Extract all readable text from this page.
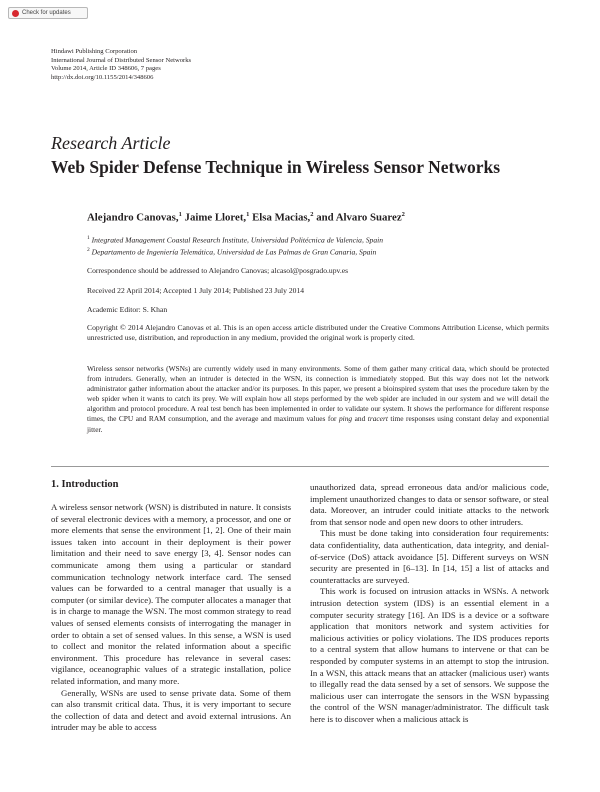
Check for updates
Hindawi Publishing Corporation
International Journal of Distributed Sensor Networks
Volume 2014, Article ID 348606, 7 pages
http://dx.doi.org/10.1155/2014/348606
Research Article
Web Spider Defense Technique in Wireless Sensor Networks
Alejandro Canovas,$^1$ Jaime Lloret,$^1$ Elsa Macias,$^2$ and Alvaro Suarez$^2$
$^1$ Integrated Management Coastal Research Institute, Universidad Politécnica de Valencia, Spain
$^2$ Departamento de Ingeniería Telemática, Universidad de Las Palmas de Gran Canaria, Spain
Correspondence should be addressed to Alejandro Canovas; alcasol@posgrado.upv.es
Received 22 April 2014; Accepted 1 July 2014; Published 23 July 2014
Academic Editor: S. Khan

Copyright © 2014 Alejandro Canovas et al. This is an open access article distributed under the Creative Commons Attribution License, which permits unrestricted use, distribution, and reproduction in any medium, provided the original work is properly cited.

Wireless sensor networks (WSNs) are currently widely used in many environments. Some of them gather many critical data, which should be protected from intruders. Generally, when an intruder is detected in the WSN, its connection is immediately stopped. But this way does not let the network administrator gather information about the attacker and/or its purposes. In this paper, we present a bioinspired system that uses the procedure taken by the web spider when it wants to catch its prey. We will explain how all steps performed by the web spider are included in our system and we will detail the algorithm and protocol procedure. A real test bench has been implemented in order to validate our system. It shows the performance for different response times, the CPU and RAM consumption, and the average and maximum values for ping and tracert time responses using constant delay and exponential jitter.

1. Introduction

A wireless sensor network (WSN) is distributed in nature. It consists of several electronic devices with a memory, a processor, and one or more elements that sense the environment [1, 2]. One of their main issues taken into account in their deployment is their power limitation and their need to save energy [3, 4]. Sensor nodes can communicate among them using a particular or standard communication technology network interface card. The sensed values can be forwarded to a central manager that usually is a computer (or similar device). The computer allocates a manager that is in charge to manage the WSN. The most common strategy to read values of sensed elements consists of interrogating the manager in order to obtain a set of sensed values. In this sense, a WSN is used to collect and monitor the related information about a specific environment. This procedure has relevance in several cases: vigilance, oceanographic values of a strategic installation, police related information, and many more.

Generally, WSNs are used to sense private data. Some of them can also transmit critical data. Thus, it is very important to secure the collection of data and detect and avoid external intrusions. An intruder may be able to access

unauthorized data, spread erroneous data and/or malicious code, implement unauthorized changes to data or sensor software, or steal data. Moreover, an intruder could initiate attacks to the network from that sensor node and open new doors to other intruders.

This must be done taking into consideration four requirements: data confidentiality, data authentication, data integrity, and denial-of-service (DoS) attack avoidance [5]. Different surveys on WSN security are presented in [6–13]. In [14, 15] a list of attacks and counterattacks are surveyed.

This work is focused on intrusion attacks in WSNs. A network intrusion detection system (IDS) is an essential element in a computer security strategy [16]. An IDS is a device or a software application that monitors network and system activities for malicious activities or policy violations. The IDS produces reports to a central system that allow humans to intervene or that can be responded by computer systems in an attempt to stop the intrusion. In a WSN, this attack means that an attacker (malicious user) wants to illegally read the data sensed by a set of sensors. We suppose the malicious user can interrogate the sensors in the WSN bypassing the control of the WSN manager/administrator. The difficult task here is to discover when a malicious attack is
